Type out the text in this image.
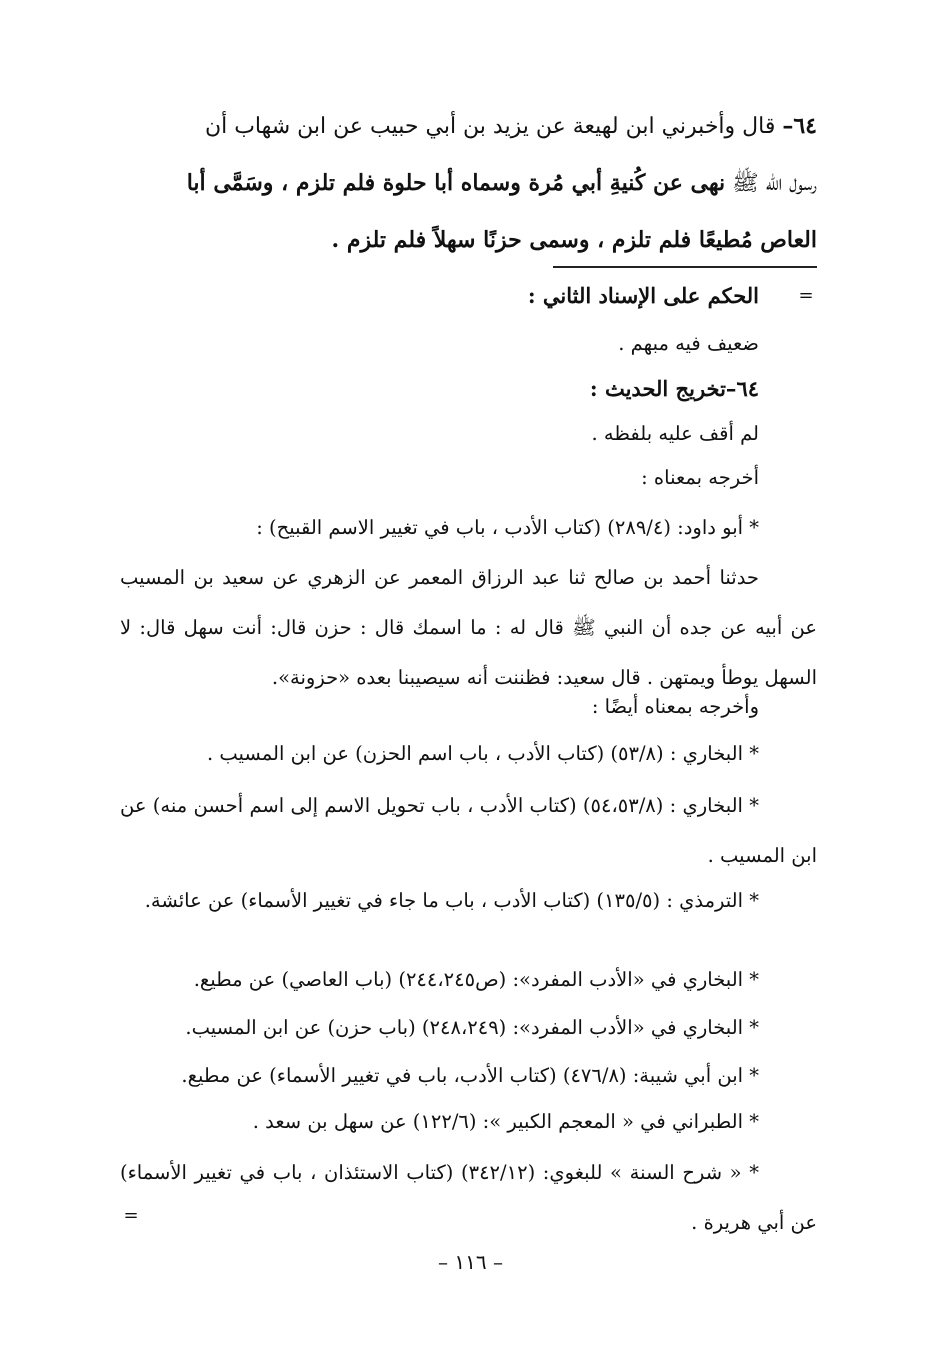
٦٤– قال وأخبرني ابن لهيعة عن يزيد بن أبي حبيب عن ابن شهاب أن
رسول الله ﷺ نهى عن كُنيةِ أبي مُرة وسماه أبا حلوة فلم تلزم ، وسَمَّى أبا
العاص مُطيعًا فلم تلزم ، وسمى حزنًا سهلاً فلم تلزم .
=
الحكم على الإسناد الثاني :
ضعيف فيه مبهم .
٦٤–تخريج الحديث :
لم أقف عليه بلفظه .
أخرجه بمعناه :
* أبو داود: (٢٨٩/٤) (كتاب الأدب ، باب في تغيير الاسم القبيح) :
حدثنا أحمد بن صالح ثنا عبد الرزاق المعمر عن الزهري عن سعيد بن المسيب عن أبيه عن جده أن النبي ﷺ قال له : ما اسمك قال : حزن قال: أنت سهل قال: لا السهل يوطأ ويمتهن . قال سعيد: فظننت أنه سيصيبنا بعده «حزونة».
وأخرجه بمعناه أيضًا :
* البخاري : (٥٣/٨) (كتاب الأدب ، باب اسم الحزن) عن ابن المسيب .
* البخاري : (٥٤،٥٣/٨) (كتاب الأدب ، باب تحويل الاسم إلى اسم أحسن منه) عن ابن المسيب .
* الترمذي : (١٣٥/٥) (كتاب الأدب ، باب ما جاء في تغيير الأسماء) عن عائشة.
* البخاري في «الأدب المفرد»: (ص٢٤٤،٢٤٥) (باب العاصي) عن مطيع.
* البخاري في «الأدب المفرد»: (٢٤٨،٢٤٩) (باب حزن) عن ابن المسيب.
* ابن أبي شيبة: (٤٧٦/٨) (كتاب الأدب، باب في تغيير الأسماء) عن مطيع.
* الطبراني في « المعجم الكبير »: (١٢٢/٦) عن سهل بن سعد .
* « شرح السنة » للبغوي: (٣٤٢/١٢) (كتاب الاستئذان ، باب في تغيير الأسماء) عن أبي هريرة .
=
– ١١٦ –
